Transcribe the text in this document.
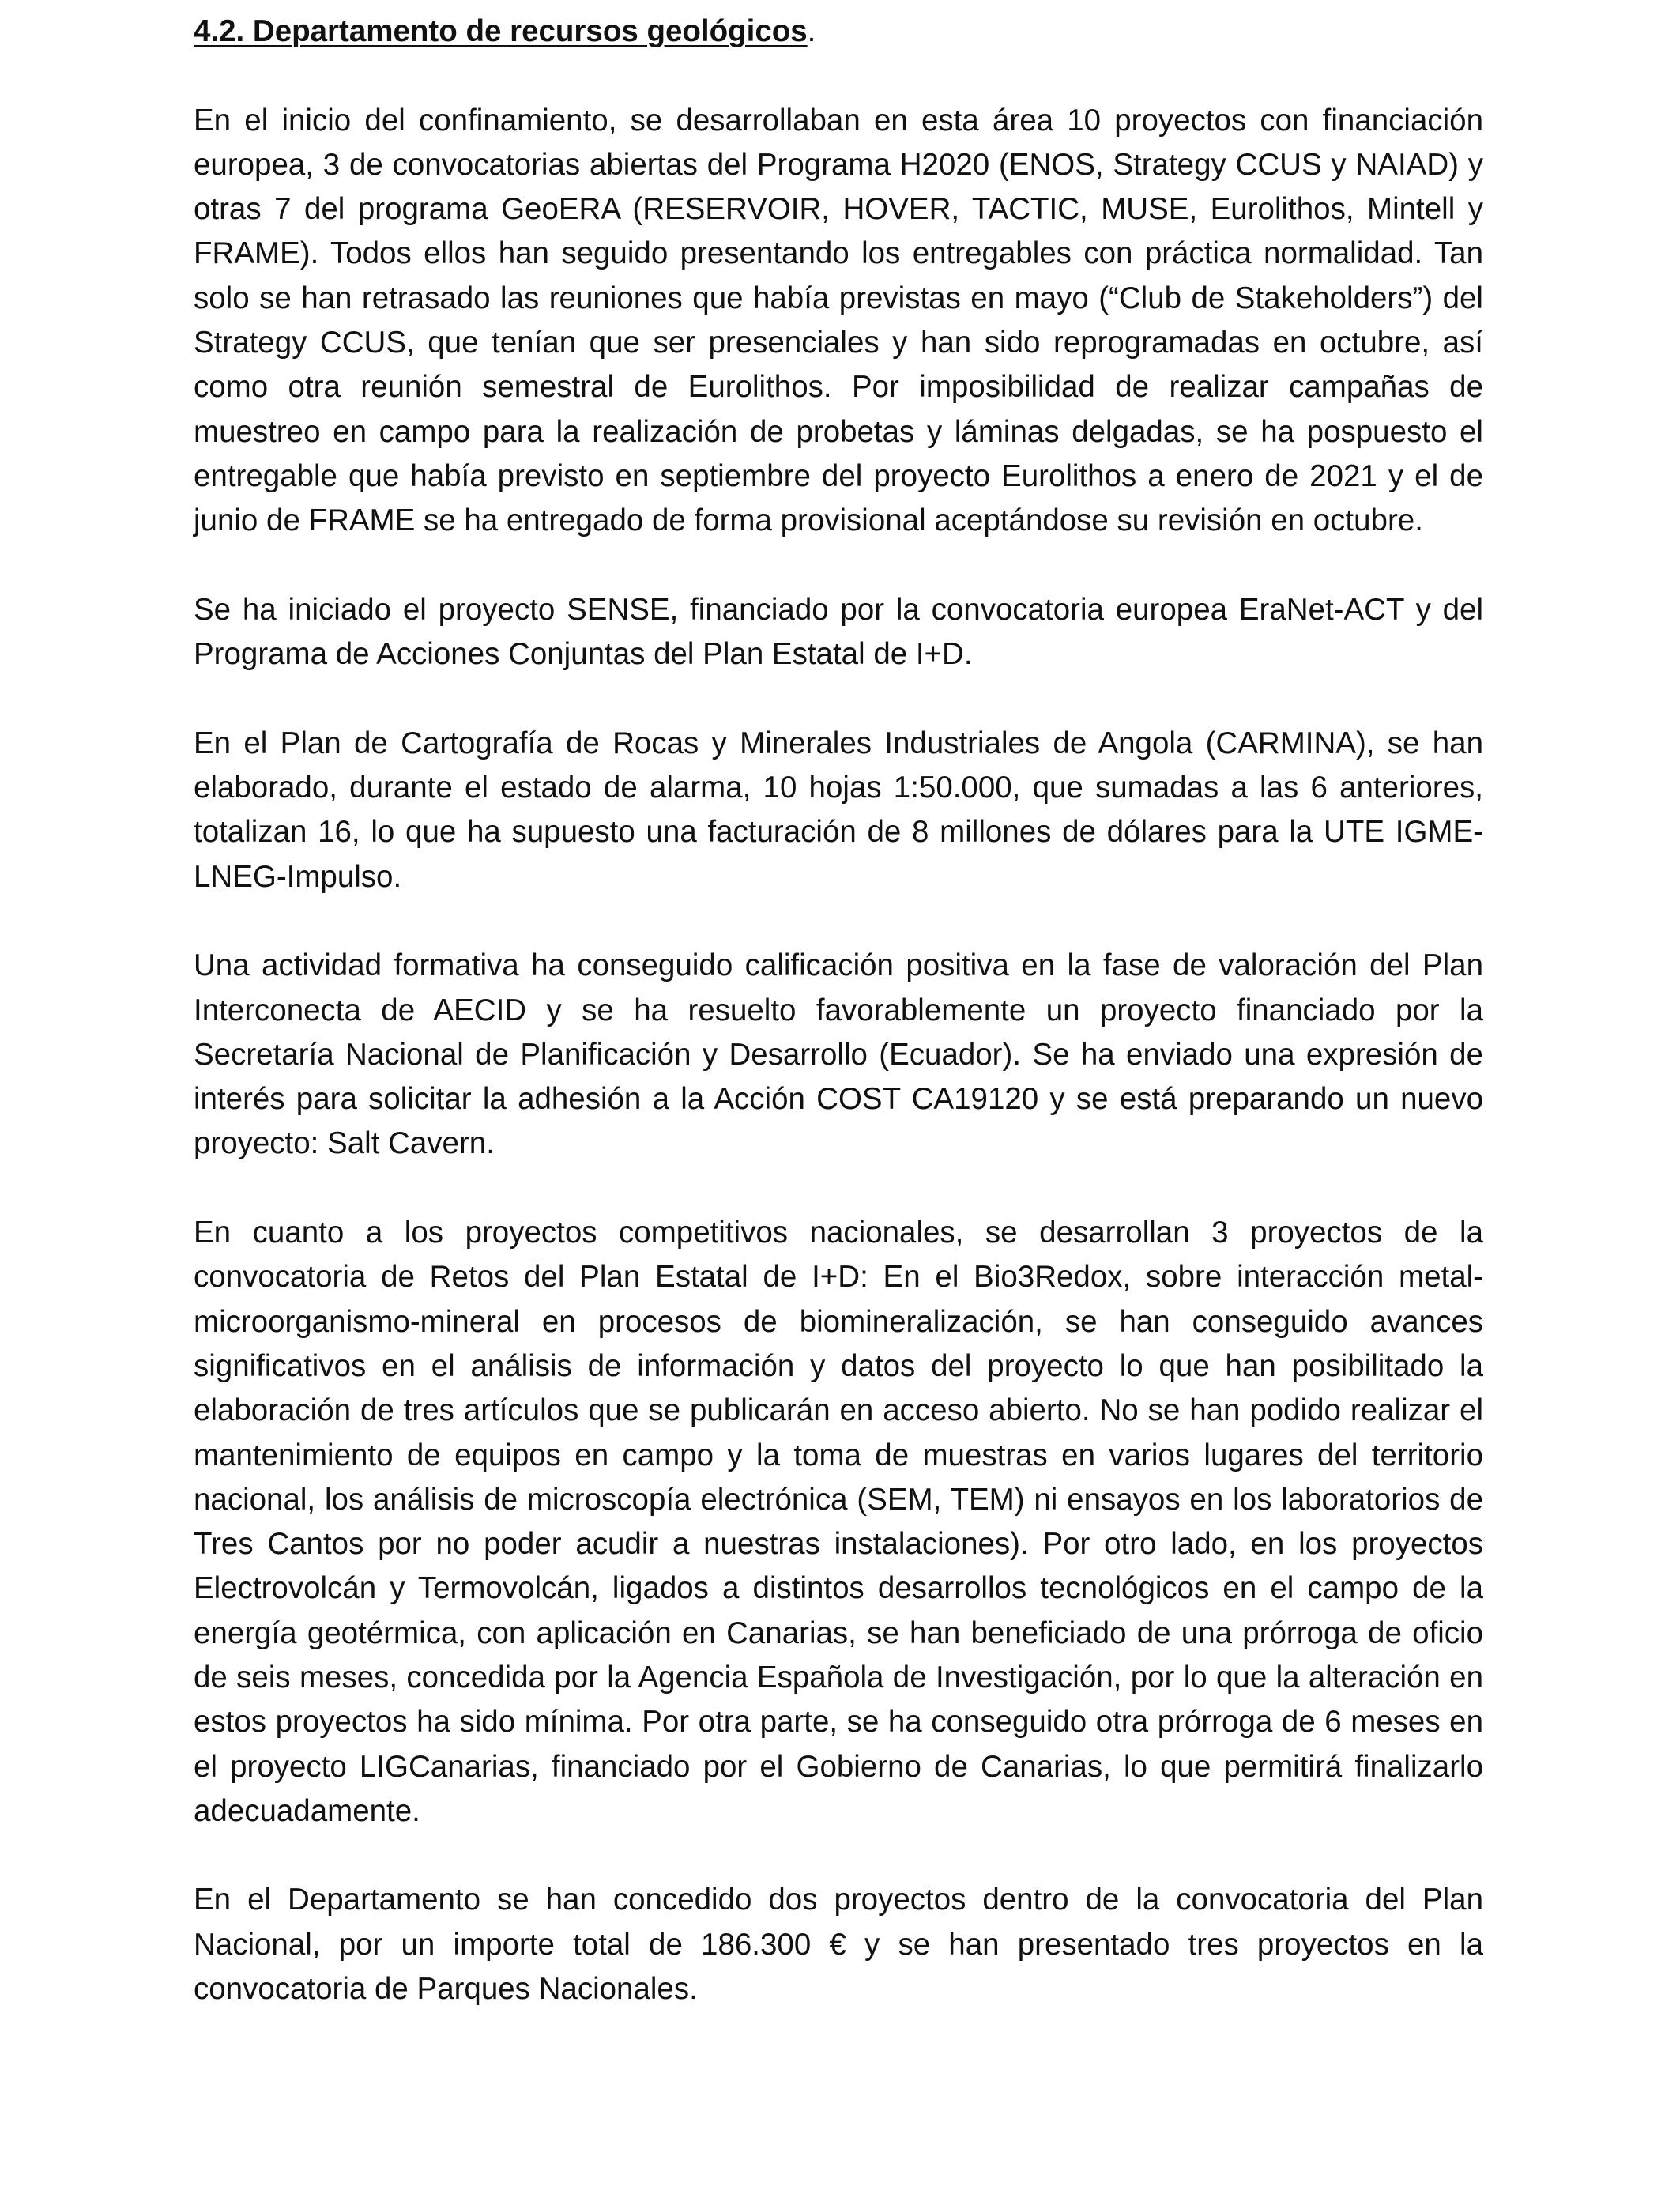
4.2. Departamento de recursos geológicos.

En el inicio del confinamiento, se desarrollaban en esta área 10 proyectos con financiación europea, 3 de convocatorias abiertas del Programa H2020 (ENOS, Strategy CCUS y NAIAD) y otras 7 del programa GeoERA (RESERVOIR, HOVER, TACTIC, MUSE, Eurolithos, Mintell y FRAME). Todos ellos han seguido presentando los entregables con práctica normalidad. Tan solo se han retrasado las reuniones que había previstas en mayo (“Club de Stakeholders”) del Strategy CCUS, que tenían que ser presenciales y han sido reprogramadas en octubre, así como otra reunión semestral de Eurolithos. Por imposibilidad de realizar campañas de muestreo en campo para la realización de probetas y láminas delgadas, se ha pospuesto el entregable que había previsto en septiembre del proyecto Eurolithos a enero de 2021 y el de junio de FRAME se ha entregado de forma provisional aceptándose su revisión en octubre.

Se ha iniciado el proyecto SENSE, financiado por la convocatoria europea EraNet-ACT y del Programa de Acciones Conjuntas del Plan Estatal de I+D.

En el Plan de Cartografía de Rocas y Minerales Industriales de Angola (CARMINA), se han elaborado, durante el estado de alarma, 10 hojas 1:50.000, que sumadas a las 6 anteriores, totalizan 16, lo que ha supuesto una facturación de 8 millones de dólares para la UTE IGME-LNEG-Impulso.

Una actividad formativa ha conseguido calificación positiva en la fase de valoración del Plan Interconecta de AECID y se ha resuelto favorablemente un proyecto financiado por la Secretaría Nacional de Planificación y Desarrollo (Ecuador). Se ha enviado una expresión de interés para solicitar la adhesión a la Acción COST CA19120 y se está preparando un nuevo proyecto: Salt Cavern.

En cuanto a los proyectos competitivos nacionales, se desarrollan 3 proyectos de la convocatoria de Retos del Plan Estatal de I+D: En el Bio3Redox, sobre interacción metal-microorganismo-mineral en procesos de biomineralización, se han conseguido avances significativos en el análisis de información y datos del proyecto lo que han posibilitado la elaboración de tres artículos que se publicarán en acceso abierto. No se han podido realizar el mantenimiento de equipos en campo y la toma de muestras en varios lugares del territorio nacional, los análisis de microscopía electrónica (SEM, TEM) ni ensayos en los laboratorios de Tres Cantos por no poder acudir a nuestras instalaciones). Por otro lado, en los proyectos Electrovolcán y Termovolcán, ligados a distintos desarrollos tecnológicos en el campo de la energía geotérmica, con aplicación en Canarias, se han beneficiado de una prórroga de oficio de seis meses, concedida por la Agencia Española de Investigación, por lo que la alteración en estos proyectos ha sido mínima. Por otra parte, se ha conseguido otra prórroga de 6 meses en el proyecto LIGCanarias, financiado por el Gobierno de Canarias, lo que permitirá finalizarlo adecuadamente.

En el Departamento se han concedido dos proyectos dentro de la convocatoria del Plan Nacional, por un importe total de 186.300 € y se han presentado tres proyectos en la convocatoria de Parques Nacionales.
